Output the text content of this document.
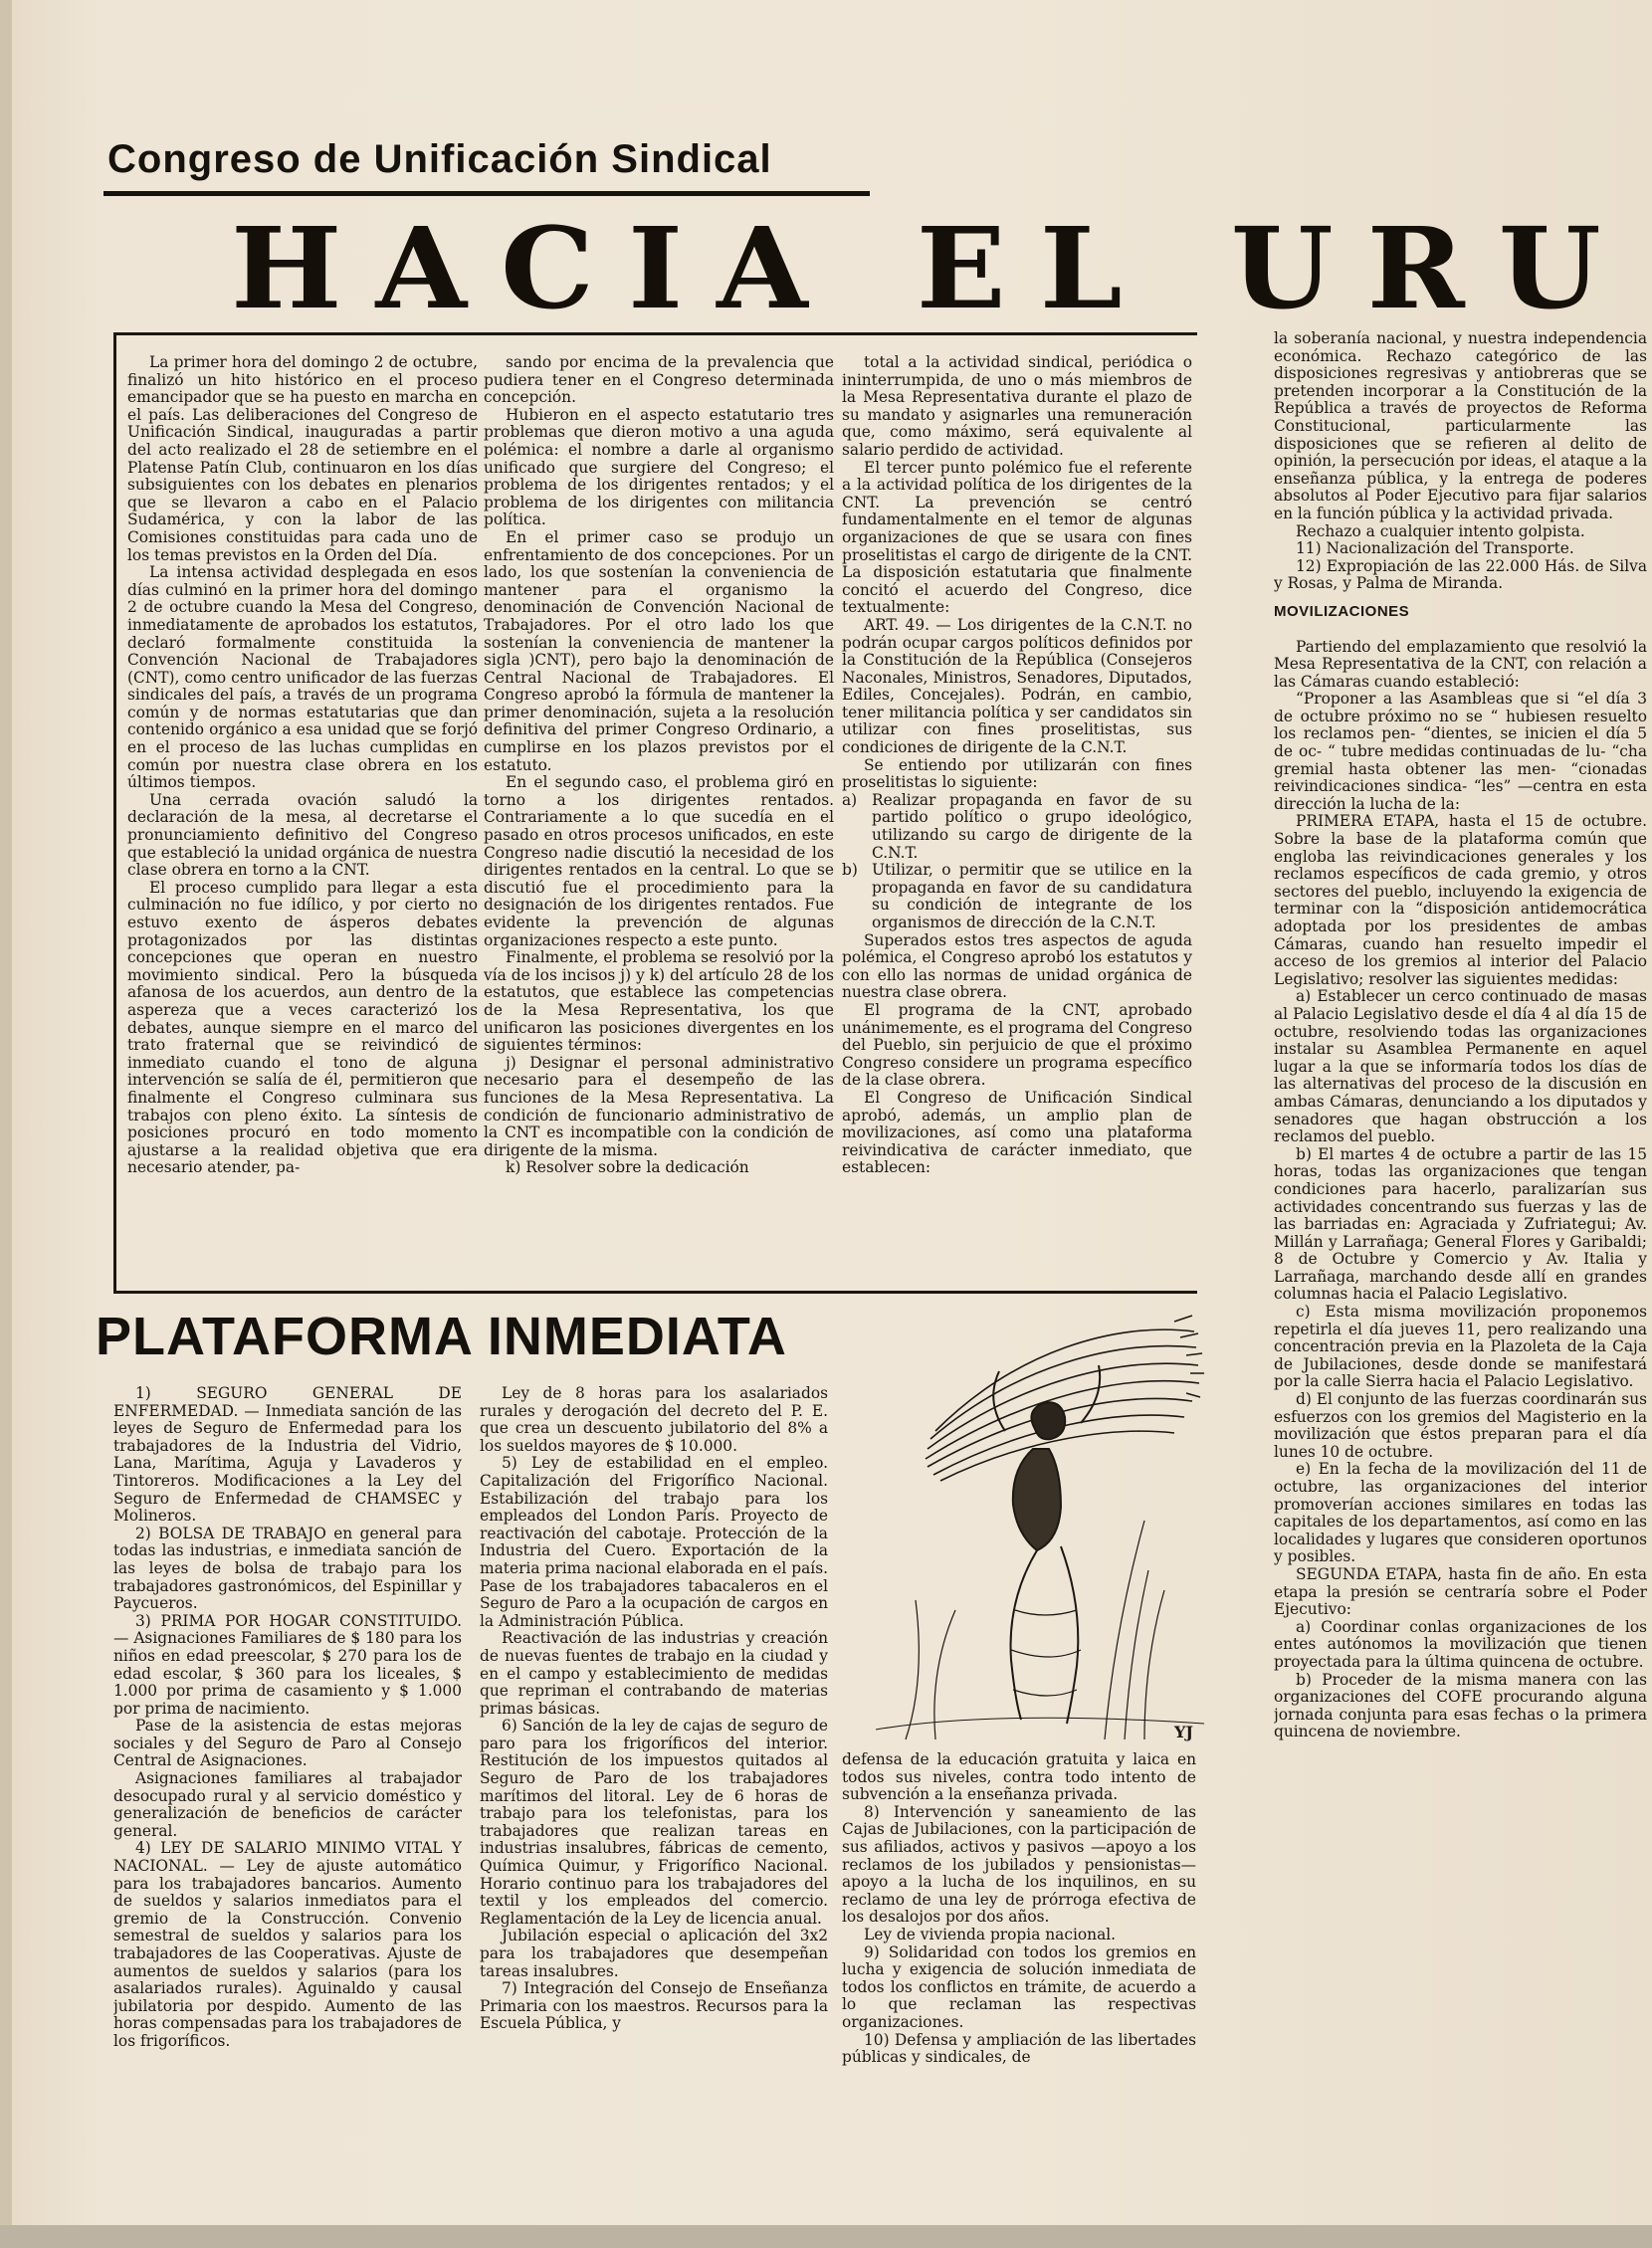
Congreso de Unificación Sindical
HACIA EL URU

La primer hora del domingo 2 de octubre, finalizó un hito histórico en el proceso emancipador que se ha puesto en marcha en el país. Las deliberaciones del Congreso de Unificación Sindical, inauguradas a partir del acto realizado el 28 de setiembre en el Platense Patín Club, continuaron en los días subsiguientes con los debates en plenarios que se llevaron a cabo en el Palacio Sudamérica, y con la labor de las Comisiones constituidas para cada uno de los temas previstos en la Orden del Día.

La intensa actividad desplegada en esos días culminó en la primer hora del domingo 2 de octubre cuando la Mesa del Congreso, inmediatamente de aprobados los estatutos, declaró formalmente constituida la Convención Nacional de Trabajadores (CNT), como centro unificador de las fuerzas sindicales del país, a través de un programa común y de normas estatutarias que dan contenido orgánico a esa unidad que se forjó en el proceso de las luchas cumplidas en común por nuestra clase obrera en los últimos tiempos.

Una cerrada ovación saludó la declaración de la mesa, al decretarse el pronunciamiento definitivo del Congreso que estableció la unidad orgánica de nuestra clase obrera en torno a la CNT.

El proceso cumplido para llegar a esta culminación no fue idílico, y por cierto no estuvo exento de ásperos debates protagonizados por las distintas concepciones que operan en nuestro movimiento sindical. Pero la búsqueda afanosa de los acuerdos, aun dentro de la aspereza que a veces caracterizó los debates, aunque siempre en el marco del trato fraternal que se reivindicó de inmediato cuando el tono de alguna intervención se salía de él, permitieron que finalmente el Congreso culminara sus trabajos con pleno éxito. La síntesis de posiciones procuró en todo momento ajustarse a la realidad objetiva que era necesario atender, pa-

sando por encima de la prevalencia que pudiera tener en el Congreso determinada concepción.

Hubieron en el aspecto estatutario tres problemas que dieron motivo a una aguda polémica: el nombre a darle al organismo unificado que surgiere del Congreso; el problema de los dirigentes rentados; y el problema de los dirigentes con militancia política.

En el primer caso se produjo un enfrentamiento de dos concepciones. Por un lado, los que sostenían la conveniencia de mantener para el organismo la denominación de Convención Nacional de Trabajadores. Por el otro lado los que sostenían la conveniencia de mantener la sigla )CNT), pero bajo la denominación de Central Nacional de Trabajadores. El Congreso aprobó la fórmula de mantener la primer denominación, sujeta a la resolución definitiva del primer Congreso Ordinario, a cumplirse en los plazos previstos por el estatuto.

En el segundo caso, el problema giró en torno a los dirigentes rentados. Contrariamente a lo que sucedía en el pasado en otros procesos unificados, en este Congreso nadie discutió la necesidad de los dirigentes rentados en la central. Lo que se discutió fue el procedimiento para la designación de los dirigentes rentados. Fue evidente la prevención de algunas organizaciones respecto a este punto.

Finalmente, el problema se resolvió por la vía de los incisos j) y k) del artículo 28 de los estatutos, que establece las competencias de la Mesa Representativa, los que unificaron las posiciones divergentes en los siguientes términos:

j) Designar el personal administrativo necesario para el desempeño de las funciones de la Mesa Representativa. La condición de funcionario administrativo de la CNT es incompatible con la condición de dirigente de la misma.

k) Resolver sobre la dedicación

total a la actividad sindical, periódica o ininterrumpida, de uno o más miembros de la Mesa Representativa durante el plazo de su mandato y asignarles una remuneración que, como máximo, será equivalente al salario perdido de actividad.

El tercer punto polémico fue el referente a la actividad política de los dirigentes de la CNT. La prevención se centró fundamentalmente en el temor de algunas organizaciones de que se usara con fines proselitistas el cargo de dirigente de la CNT. La disposición estatutaria que finalmente concitó el acuerdo del Congreso, dice textualmente:

ART. 49. — Los dirigentes de la C.N.T. no podrán ocupar cargos políticos definidos por la Constitución de la República (Consejeros Naconales, Ministros, Senadores, Diputados, Ediles, Concejales). Podrán, en cambio, tener militancia política y ser candidatos sin utilizar con fines proselitistas, sus condiciones de dirigente de la C.N.T.

Se entiendo por utilizarán con fines proselitistas lo siguiente:

a) Realizar propaganda en favor de su partido político o grupo ideológico, utilizando su cargo de dirigente de la C.N.T.

b) Utilizar, o permitir que se utilice en la propaganda en favor de su candidatura su condición de integrante de los organismos de dirección de la C.N.T.

Superados estos tres aspectos de aguda polémica, el Congreso aprobó los estatutos y con ello las normas de unidad orgánica de nuestra clase obrera.

El programa de la CNT, aprobado unánimemente, es el programa del Congreso del Pueblo, sin perjuicio de que el próximo Congreso considere un programa específico de la clase obrera.

El Congreso de Unificación Sindical aprobó, además, un amplio plan de movilizaciones, así como una plataforma reivindicativa de carácter inmediato, que establecen:

la soberanía nacional, y nuestra independencia económica. Rechazo categórico de las disposiciones regresivas y antiobreras que se pretenden incorporar a la Constitución de la República a través de proyectos de Reforma Constitucional, particularmente las disposiciones que se refieren al delito de opinión, la persecución por ideas, el ataque a la enseñanza pública, y la entrega de poderes absolutos al Poder Ejecutivo para fijar salarios en la función pública y la actividad privada.

Rechazo a cualquier intento golpista.

11) Nacionalización del Transporte.

12) Expropiación de las 22.000 Hás. de Silva y Rosas, y Palma de Miranda.

MOVILIZACIONES

Partiendo del emplazamiento que resolvió la Mesa Representativa de la CNT, con relación a las Cámaras cuando estableció:

“Proponer a las Asambleas que si “el día 3 de octubre próximo no se “ hubiesen resuelto los reclamos pen- “dientes, se inicien el día 5 de oc- “ tubre medidas continuadas de lu- “cha gremial hasta obtener las men- “cionadas reivindicaciones sindica- “les” —centra en esta dirección la lucha de la:

PRIMERA ETAPA, hasta el 15 de octubre. Sobre la base de la plataforma común que engloba las reivindicaciones generales y los reclamos específicos de cada gremio, y otros sectores del pueblo, incluyendo la exigencia de terminar con la “disposición antidemocrática adoptada por los presidentes de ambas Cámaras, cuando han resuelto impedir el acceso de los gremios al interior del Palacio Legislativo; resolver las siguientes medidas:

a) Establecer un cerco continuado de masas al Palacio Legislativo desde el día 4 al día 15 de octubre, resolviendo todas las organizaciones instalar su Asamblea Permanente en aquel lugar a la que se informaría todos los días de las alternativas del proceso de la discusión en ambas Cámaras, denunciando a los diputados y senadores que hagan obstrucción a los reclamos del pueblo.

b) El martes 4 de octubre a partir de las 15 horas, todas las organizaciones que tengan condiciones para hacerlo, paralizarían sus actividades concentrando sus fuerzas y las de las barriadas en: Agraciada y Zufriategui; Av. Millán y Larrañaga; General Flores y Garibaldi; 8 de Octubre y Comercio y Av. Italia y Larrañaga, marchando desde allí en grandes columnas hacia el Palacio Legislativo.

c) Esta misma movilización proponemos repetirla el día jueves 11, pero realizando una concentración previa en la Plazoleta de la Caja de Jubilaciones, desde donde se manifestará por la calle Sierra hacia el Palacio Legislativo.

d) El conjunto de las fuerzas coordinarán sus esfuerzos con los gremios del Magisterio en la movilización que éstos preparan para el día lunes 10 de octubre.

e) En la fecha de la movilización del 11 de octubre, las organizaciones del interior promoverían acciones similares en todas las capitales de los departamentos, así como en las localidades y lugares que consideren oportunos y posibles.

SEGUNDA ETAPA, hasta fin de año. En esta etapa la presión se centraría sobre el Poder Ejecutivo:

a) Coordinar conlas organizaciones de los entes autónomos la movilización que tienen proyectada para la última quincena de octubre.

b) Proceder de la misma manera con las organizaciones del COFE procurando alguna jornada conjunta para esas fechas o la primera quincena de noviembre.

PLATAFORMA INMEDIATA

1) SEGURO GENERAL DE ENFERMEDAD. — Inmediata sanción de las leyes de Seguro de Enfermedad para los trabajadores de la Industria del Vidrio, Lana, Marítima, Aguja y Lavaderos y Tintoreros. Modificaciones a la Ley del Seguro de Enfermedad de CHAMSEC y Molineros.

2) BOLSA DE TRABAJO en general para todas las industrias, e inmediata sanción de las leyes de bolsa de trabajo para los trabajadores gastronómicos, del Espinillar y Paycueros.

3) PRIMA POR HOGAR CONSTITUIDO. — Asignaciones Familiares de $ 180 para los niños en edad preescolar, $ 270 para los de edad escolar, $ 360 para los liceales, $ 1.000 por prima de casamiento y $ 1.000 por prima de nacimiento.

Pase de la asistencia de estas mejoras sociales y del Seguro de Paro al Consejo Central de Asignaciones.

Asignaciones familiares al trabajador desocupado rural y al servicio doméstico y generalización de beneficios de carácter general.

4) LEY DE SALARIO MINIMO VITAL Y NACIONAL. — Ley de ajuste automático para los trabajadores bancarios. Aumento de sueldos y salarios inmediatos para el gremio de la Construcción. Convenio semestral de sueldos y salarios para los trabajadores de las Cooperativas. Ajuste de aumentos de sueldos y salarios (para los asalariados rurales). Aguinaldo y causal jubilatoria por despido. Aumento de las horas compensadas para los trabajadores de los frigoríficos.

Ley de 8 horas para los asalariados rurales y derogación del decreto del P. E. que crea un descuento jubilatorio del 8% a los sueldos mayores de $ 10.000.

5) Ley de estabilidad en el empleo. Capitalización del Frigorífico Nacional. Estabilización del trabajo para los empleados del London París. Proyecto de reactivación del cabotaje. Protección de la Industria del Cuero. Exportación de la materia prima nacional elaborada en el país. Pase de los trabajadores tabacaleros en el Seguro de Paro a la ocupación de cargos en la Administración Pública.

Reactivación de las industrias y creación de nuevas fuentes de trabajo en la ciudad y en el campo y establecimiento de medidas que repriman el contrabando de materias primas básicas.

6) Sanción de la ley de cajas de seguro de paro para los frigoríficos del interior. Restitución de los impuestos quitados al Seguro de Paro de los trabajadores marítimos del litoral. Ley de 6 horas de trabajo para los telefonistas, para los trabajadores que realizan tareas en industrias insalubres, fábricas de cemento, Química Quimur, y Frigorífico Nacional. Horario continuo para los trabajadores del textil y los empleados del comercio. Reglamentación de la Ley de licencia anual.

Jubilación especial o aplicación del 3x2 para los trabajadores que desempeñan tareas insalubres.

7) Integración del Consejo de Enseñanza Primaria con los maestros. Recursos para la Escuela Pública, y

defensa de la educación gratuita y laica en todos sus niveles, contra todo intento de subvención a la enseñanza privada.

8) Intervención y saneamiento de las Cajas de Jubilaciones, con la participación de sus afiliados, activos y pasivos —apoyo a los reclamos de los jubilados y pensionistas— apoyo a la lucha de los inquilinos, en su reclamo de una ley de prórroga efectiva de los desalojos por dos años.

Ley de vivienda propia nacional.

9) Solidaridad con todos los gremios en lucha y exigencia de solución inmediata de todos los conflictos en trámite, de acuerdo a lo que reclaman las respectivas organizaciones.

10) Defensa y ampliación de las libertades públicas y sindicales, de

YJ
